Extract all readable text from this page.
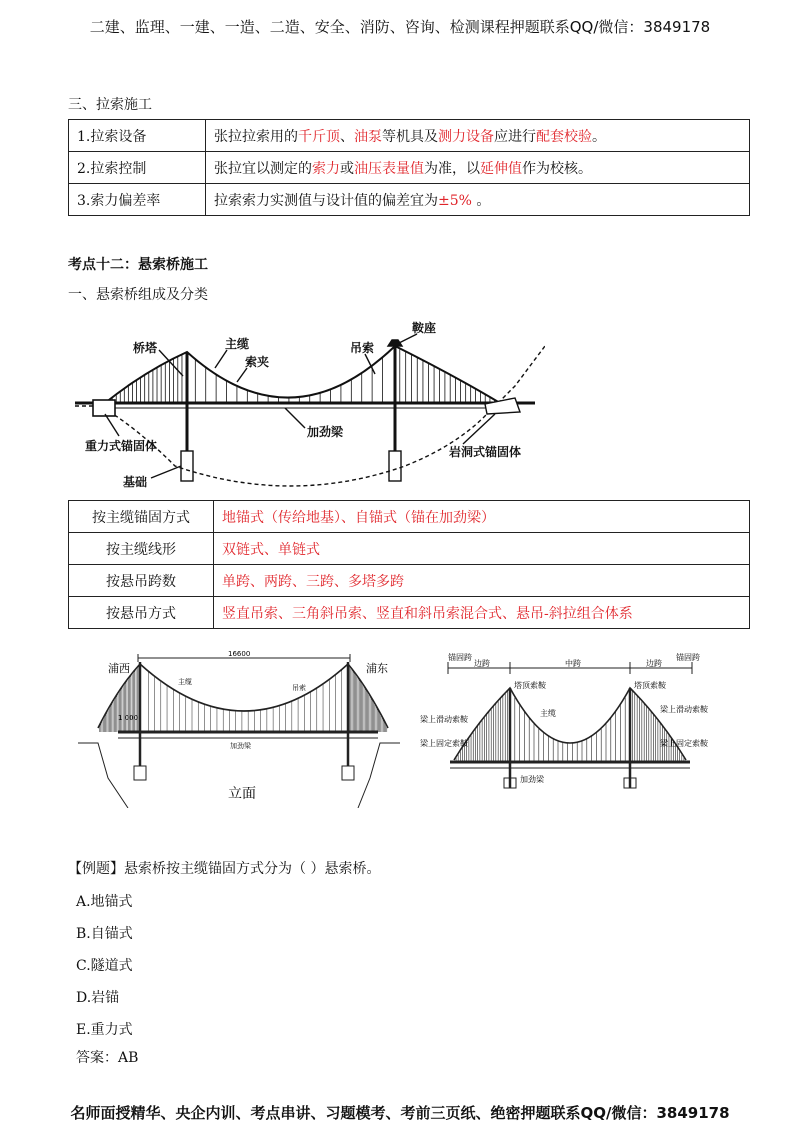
二建、监理、一建、一造、二造、安全、消防、咨询、检测课程押题联系QQ/微信：3849178
三、拉索施工
1.拉索设备	张拉拉索用的千斤顶、油泵等机具及测力设备应进行配套校验。
2.拉索控制	张拉宜以测定的索力或油压表量值为准，以延伸值作为校核。
3.索力偏差率	拉索索力实测值与设计值的偏差宜为±5% 。
考点十二：悬索桥施工
一、悬索桥组成及分类
桥塔	主缆
索夹
鞍座
吊索
加劲梁
重力式锚固体	岩洞式锚固体
基础
按主缆锚固方式	地锚式（传给地基）、自锚式（锚在加劲梁）
按主缆线形	双链式、单链式
按悬吊跨数	单跨、两跨、三跨、多塔多跨
按悬吊方式	竖直吊索、三角斜吊索、竖直和斜吊索混合式、悬吊-斜拉组合体系
16600
浦西	浦东
主缆
吊索
加劲梁
1 000
立面
锚固跨
边跨	中跨	边跨
锚固跨
塔顶索鞍	塔顶索鞍
主缆
加劲梁
梁上滑动索鞍
梁上固定索鞍
梁上滑动索鞍
梁上固定索鞍
【例题】悬索桥按主缆锚固方式分为（ ）悬索桥。
A.地锚式
B.自锚式
C.隧道式
D.岩锚
E.重力式
答案：AB
名师面授精华、央企内训、考点串讲、习题模考、考前三页纸、绝密押题联系QQ/微信：3849178
